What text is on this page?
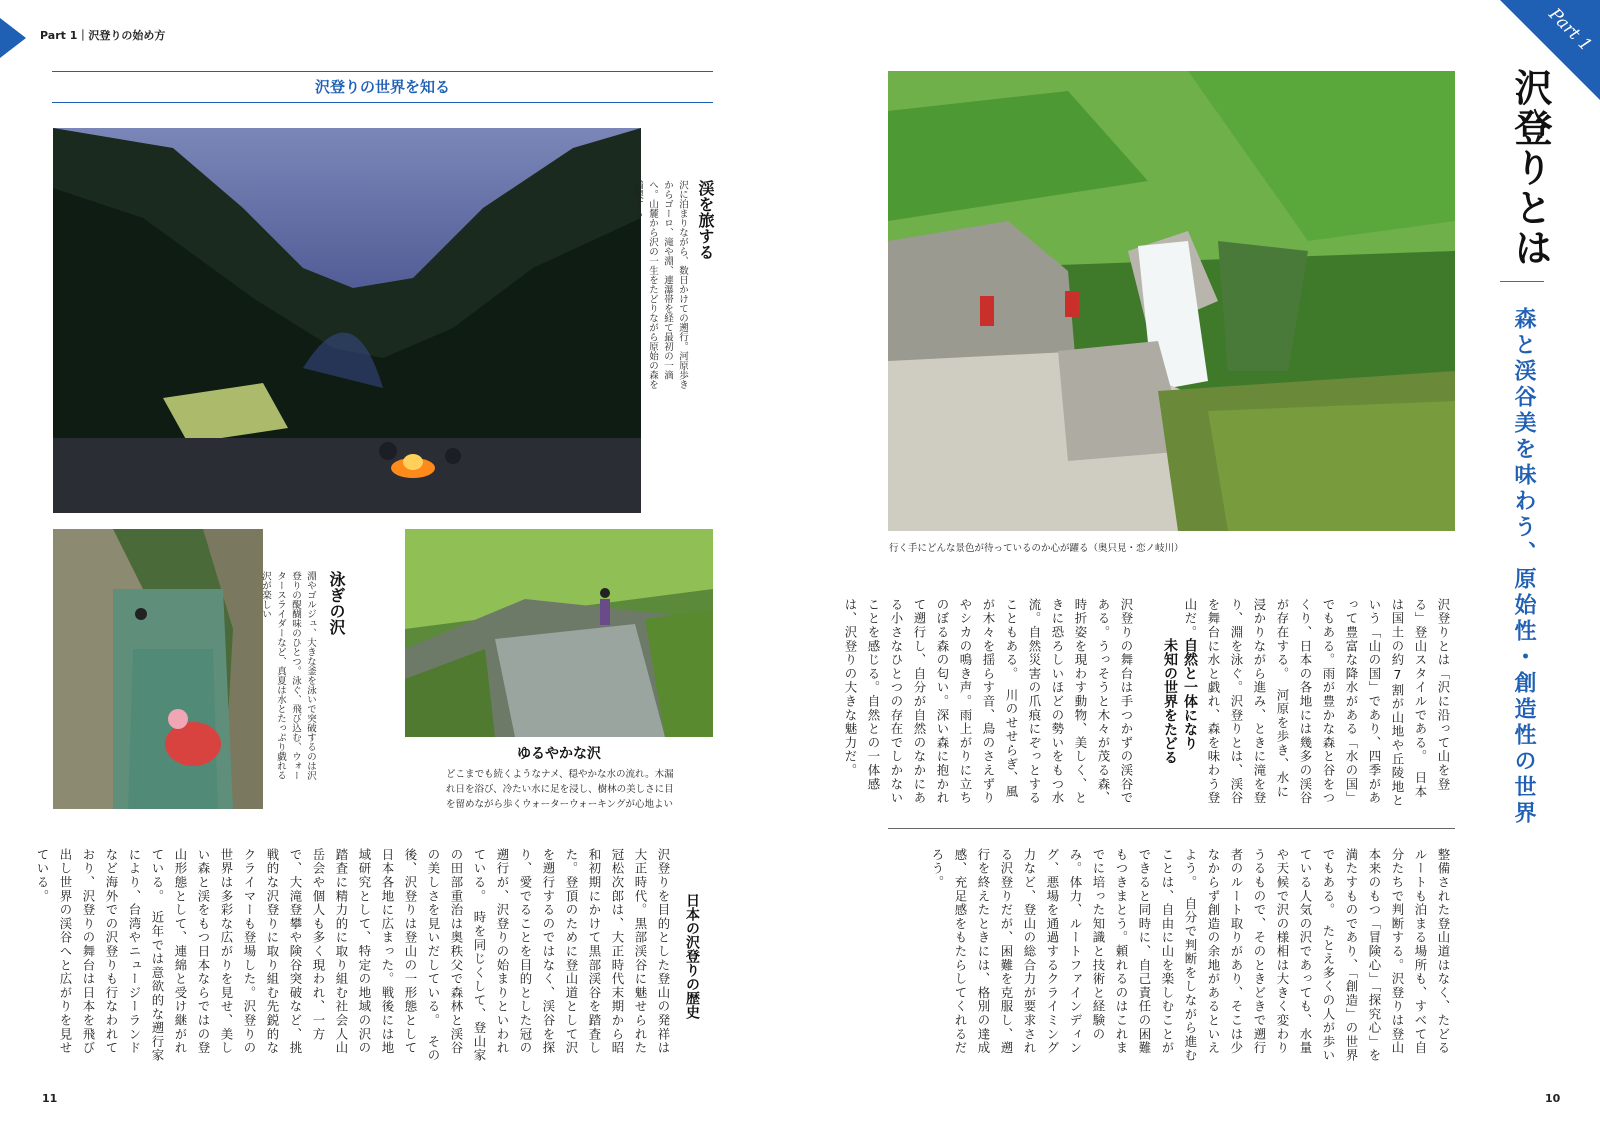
Part 1｜沢登りの始め方	Part 1
沢登りの世界を知る
渓を旅する
沢に泊まりながら、数日かけての遡行。河原歩きからゴーロ、滝や淵、連瀑帯を経て最初の一滴へ。山麓から沢の一生をたどりながら原始の森を満喫する
泳ぎの沢
淵やゴルジュ、大きな釜を泳いで突破するのは沢登りの醍醐味のひとつ。泳ぐ、飛び込む、ウォータースライダーなど、真夏は水とたっぷり戯れる沢が楽しい
ゆるやかな沢
どこまでも続くようなナメ、穏やかな水の流れ。木漏
れ日を浴び、冷たい水に足を浸し、樹林の美しさに目
を留めながら歩くウォーターウォーキングが心地よい
日本の沢登りの歴史
沢登りを目的とした登山の発祥は大正時代。黒部渓谷に魅せられた冠松次郎は、大正時代末期から昭和初期にかけて黒部渓谷を踏査した。登頂のために登山道として沢を遡行するのではなく、渓谷を探り、愛でることを目的とした冠の遡行が、沢登りの始まりといわれている。　時を同じくして、登山家の田部重治は奥秩父で森林と渓谷の美しさを見いだしている。　その後、沢登りは登山の一形態として日本各地に広まった。戦後には地域研究として、特定の地域の沢の踏査に精力的に取り組む社会人山岳会や個人も多く現われ、一方で、大滝登攀や険谷突破など、挑戦的な沢登りに取り組む先鋭的なクライマーも登場した。沢登りの世界は多彩な広がりを見せ、美しい森と渓をもつ日本ならではの登山形態として、連綿と受け継がれている。　近年では意欲的な遡行家により、台湾やニュージーランドなど海外での沢登りも行なわれており、沢登りの舞台は日本を飛び出し世界の渓谷へと広がりを見せている。
11
行く手にどんな景色が待っているのか心が躍る（奥只見・恋ノ岐川）
沢登りとは
森と渓谷美を味わう、原始性・創造性の世界
沢登りとは「沢に沿って山を登る」登山スタイルである。　日本は国土の約7割が山地や丘陵地という「山の国」であり、四季があって豊富な降水がある「水の国」でもある。雨が豊かな森と谷をつくり、日本の各地には幾多の渓谷が存在する。　河原を歩き、水に浸かりながら進み、ときに滝を登り、淵を泳ぐ。沢登りとは、渓谷を舞台に水と戯れ、森を味わう登山だ。
自然と一体になり
未知の世界をたどる
沢登りの舞台は手つかずの渓谷である。うっそうと木々が茂る森、時折姿を現わす動物、美しく、ときに恐ろしいほどの勢いをもつ水流。自然災害の爪痕にぞっとすることもある。　川のせせらぎ、風が木々を揺らす音、鳥のさえずりやシカの鳴き声。雨上がりに立ちのぼる森の匂い。深い森に抱かれて遡行し、自分が自然のなかにある小さなひとつの存在でしかないことを感じる。自然との一体感は、沢登りの大きな魅力だ。
整備された登山道はなく、たどるルートも泊まる場所も、すべて自分たちで判断する。沢登りは登山本来のもつ「冒険心」「探究心」を満たすものであり、「創造」の世界でもある。　たとえ多くの人が歩いている人気の沢であっても、水量や天候で沢の様相は大きく変わりうるもので、そのときどきで遡行者のルート取りがあり、そこは少なからず創造の余地があるといえよう。　自分で判断をしながら進むことは、自由に山を楽しむことができると同時に、自己責任の困難もつきまとう。頼れるのはこれまでに培った知識と技術と経験のみ。体力、ルートファインディング、悪場を通過するクライミング力など、登山の総合力が要求される沢登りだが、困難を克服し、遡行を終えたときには、格別の達成感、充足感をもたらしてくれるだろう。
10
